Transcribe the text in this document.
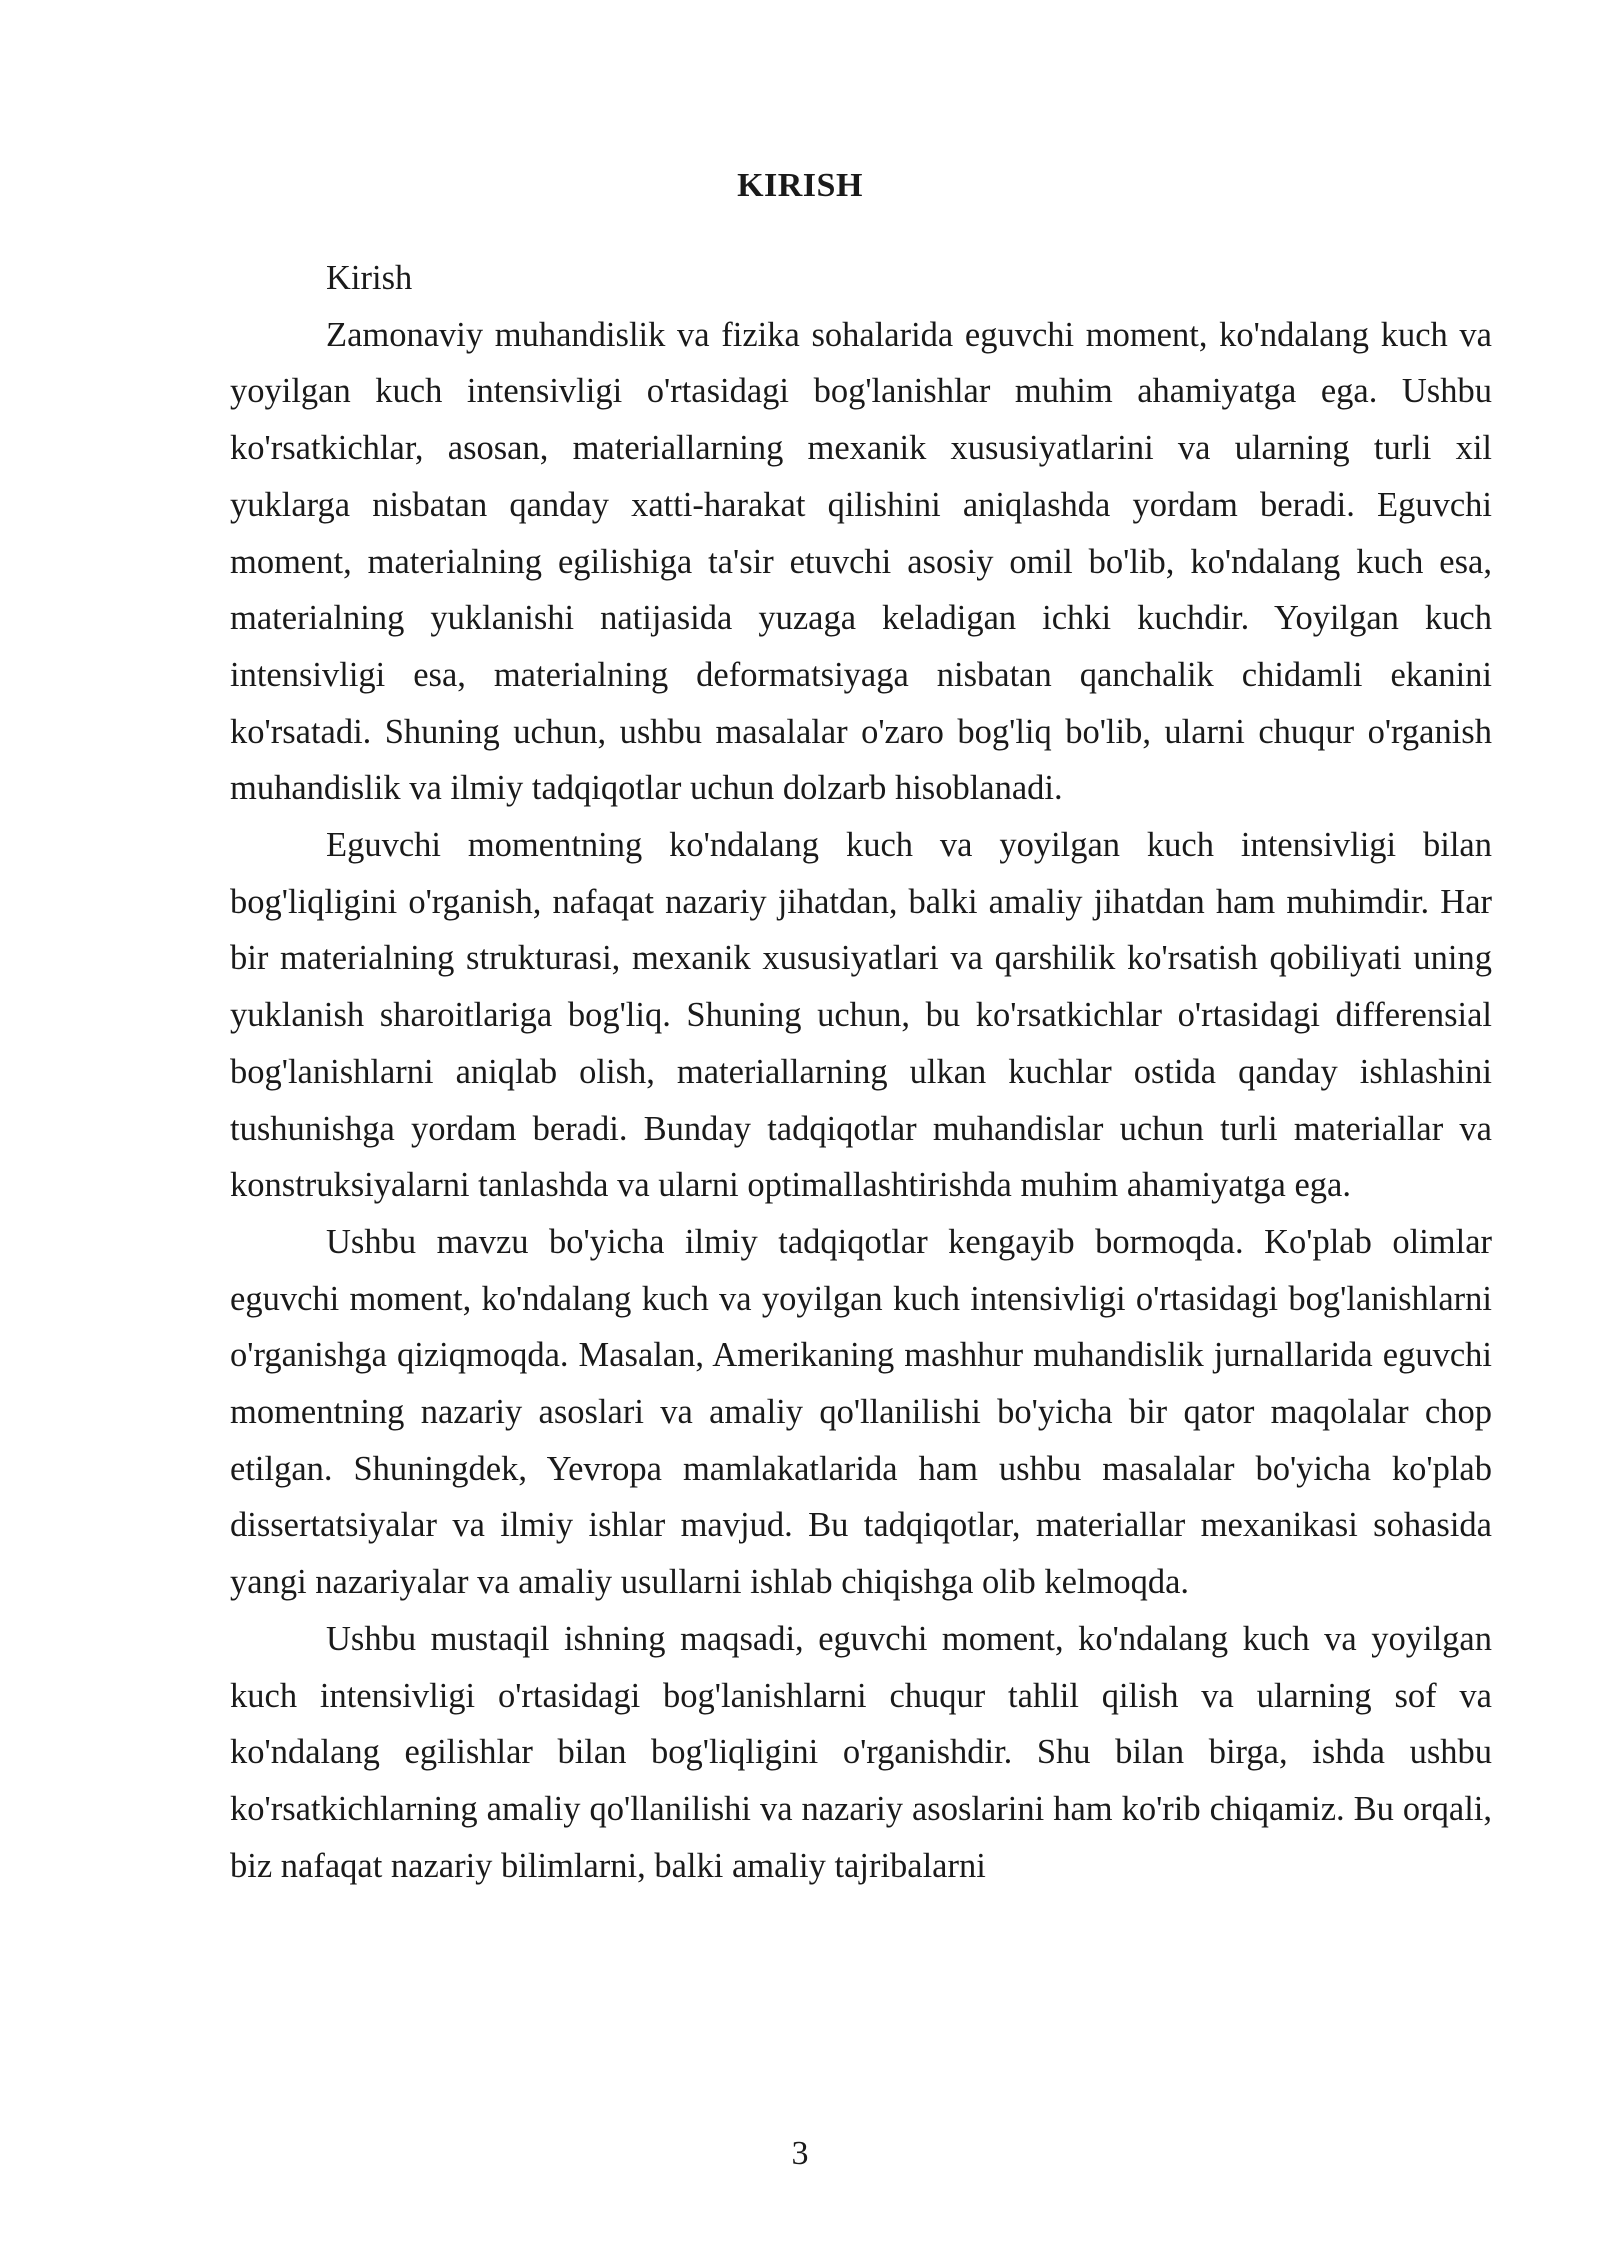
KIRISH

Kirish

Zamonaviy muhandislik va fizika sohalarida eguvchi moment, ko'ndalang kuch va yoyilgan kuch intensivligi o'rtasidagi bog'lanishlar muhim ahamiyatga ega. Ushbu ko'rsatkichlar, asosan, materiallarning mexanik xususiyatlarini va ularning turli xil yuklarga nisbatan qanday xatti-harakat qilishini aniqlashda yordam beradi. Eguvchi moment, materialning egilishiga ta'sir etuvchi asosiy omil bo'lib, ko'ndalang kuch esa, materialning yuklanishi natijasida yuzaga keladigan ichki kuchdir. Yoyilgan kuch intensivligi esa, materialning deformatsiyaga nisbatan qanchalik chidamli ekanini ko'rsatadi. Shuning uchun, ushbu masalalar o'zaro bog'liq bo'lib, ularni chuqur o'rganish muhandislik va ilmiy tadqiqotlar uchun dolzarb hisoblanadi.

Eguvchi momentning ko'ndalang kuch va yoyilgan kuch intensivligi bilan bog'liqligini o'rganish, nafaqat nazariy jihatdan, balki amaliy jihatdan ham muhimdir. Har bir materialning strukturasi, mexanik xususiyatlari va qarshilik ko'rsatish qobiliyati uning yuklanish sharoitlariga bog'liq. Shuning uchun, bu ko'rsatkichlar o'rtasidagi differensial bog'lanishlarni aniqlab olish, materiallarning ulkan kuchlar ostida qanday ishlashini tushunishga yordam beradi. Bunday tadqiqotlar muhandislar uchun turli materiallar va konstruksiyalarni tanlashda va ularni optimallashtirishda muhim ahamiyatga ega.

Ushbu mavzu bo'yicha ilmiy tadqiqotlar kengayib bormoqda. Ko'plab olimlar eguvchi moment, ko'ndalang kuch va yoyilgan kuch intensivligi o'rtasidagi bog'lanishlarni o'rganishga qiziqmoqda. Masalan, Amerikaning mashhur muhandislik jurnallarida eguvchi momentning nazariy asoslari va amaliy qo'llanilishi bo'yicha bir qator maqolalar chop etilgan. Shuningdek, Yevropa mamlakatlarida ham ushbu masalalar bo'yicha ko'plab dissertatsiyalar va ilmiy ishlar mavjud. Bu tadqiqotlar, materiallar mexanikasi sohasida yangi nazariyalar va amaliy usullarni ishlab chiqishga olib kelmoqda.

Ushbu mustaqil ishning maqsadi, eguvchi moment, ko'ndalang kuch va yoyilgan kuch intensivligi o'rtasidagi bog'lanishlarni chuqur tahlil qilish va ularning sof va ko'ndalang egilishlar bilan bog'liqligini o'rganishdir. Shu bilan birga, ishda ushbu ko'rsatkichlarning amaliy qo'llanilishi va nazariy asoslarini ham ko'rib chiqamiz. Bu orqali, biz nafaqat nazariy bilimlarni, balki amaliy tajribalarni

3
